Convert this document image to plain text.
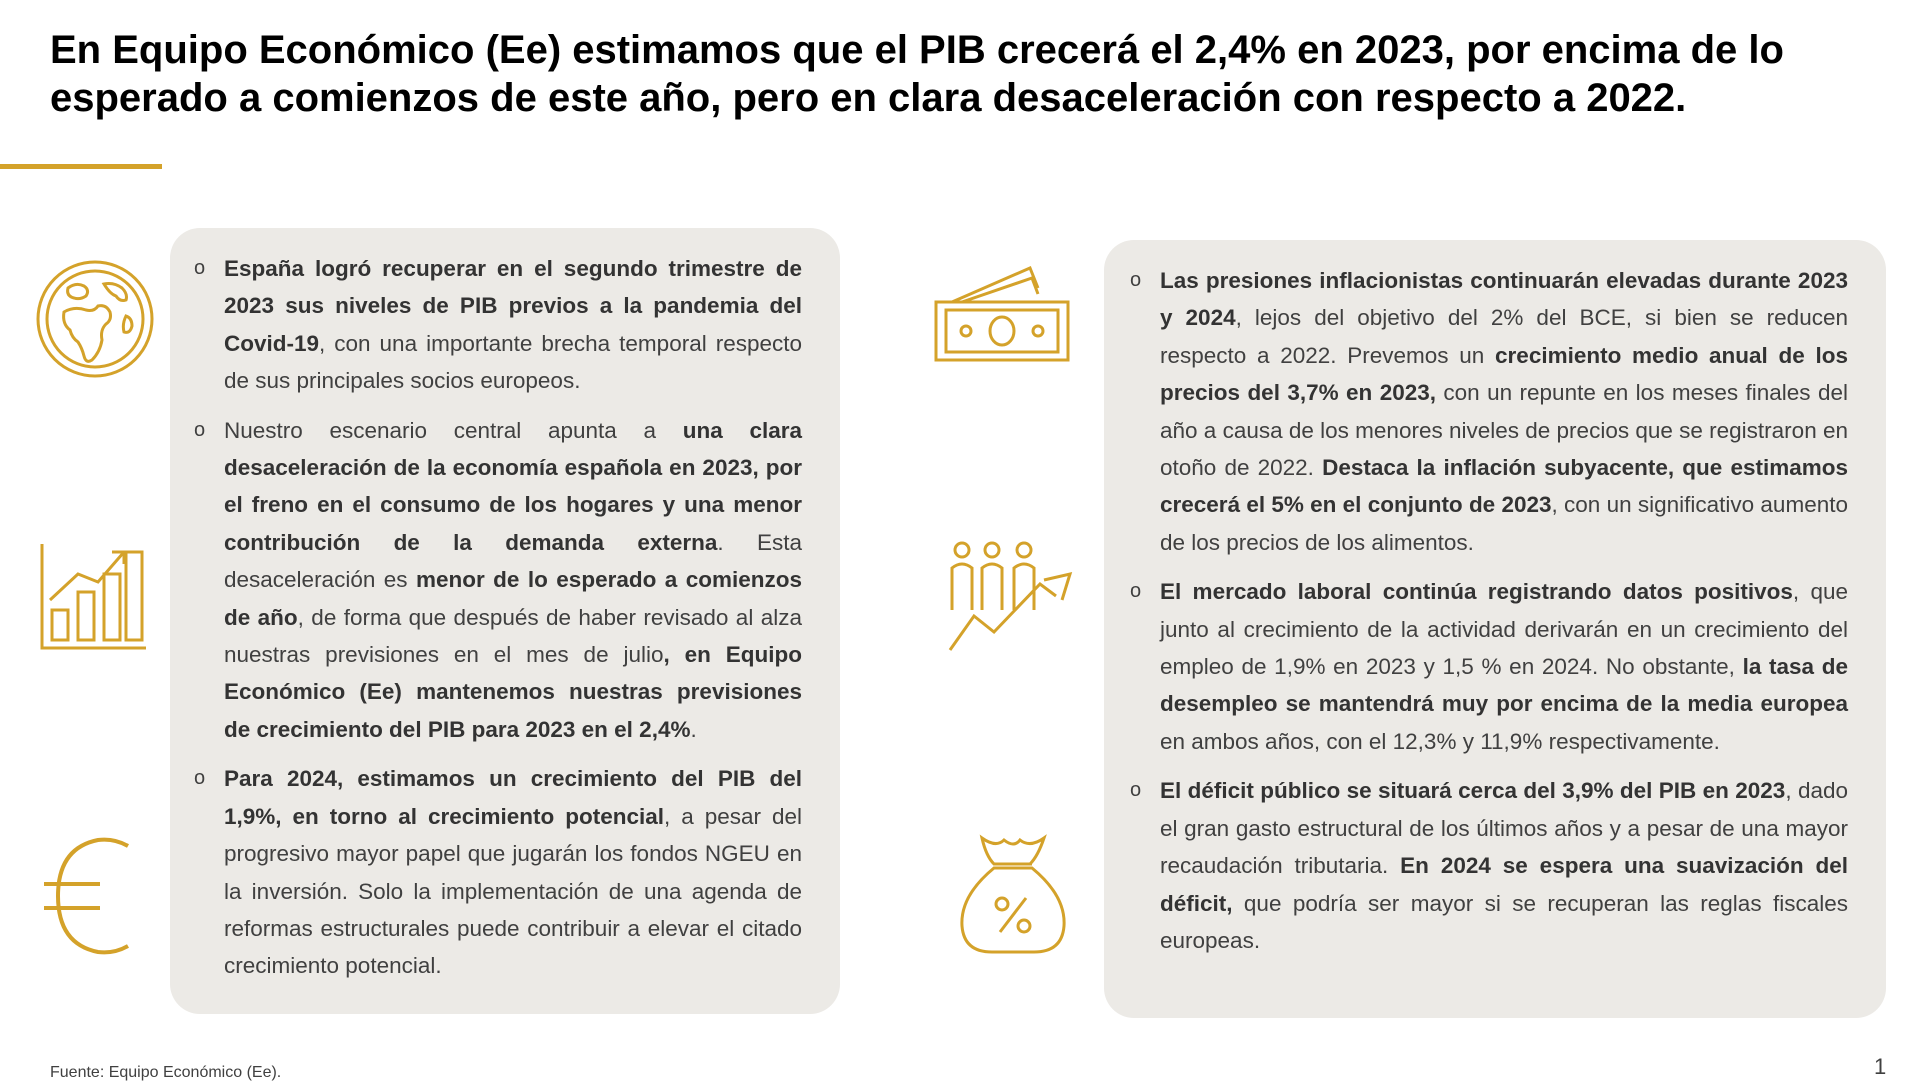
En Equipo Económico (Ee) estimamos que el PIB crecerá el 2,4% en 2023, por encima de lo esperado a comienzos de este año, pero en clara desaceleración con respecto a 2022.
o España logró recuperar en el segundo trimestre de 2023 sus niveles de PIB previos a la pandemia del Covid-19, con una importante brecha temporal respecto de sus principales socios europeos.
o Nuestro escenario central apunta a una clara desaceleración de la economía española en 2023, por el freno en el consumo de los hogares y una menor contribución de la demanda externa. Esta desaceleración es menor de lo esperado a comienzos de año, de forma que después de haber revisado al alza nuestras previsiones en el mes de julio, en Equipo Económico (Ee) mantenemos nuestras previsiones de crecimiento del PIB para 2023 en el 2,4%.
o Para 2024, estimamos un crecimiento del PIB del 1,9%, en torno al crecimiento potencial, a pesar del progresivo mayor papel que jugarán los fondos NGEU en la inversión. Solo la implementación de una agenda de reformas estructurales puede contribuir a elevar el citado crecimiento potencial.
o Las presiones inflacionistas continuarán elevadas durante 2023 y 2024, lejos del objetivo del 2% del BCE, si bien se reducen respecto a 2022. Prevemos un crecimiento medio anual de los precios del 3,7% en 2023, con un repunte en los meses finales del año a causa de los menores niveles de precios que se registraron en otoño de 2022. Destaca la inflación subyacente, que estimamos crecerá el 5% en el conjunto de 2023, con un significativo aumento de los precios de los alimentos.
o El mercado laboral continúa registrando datos positivos, que junto al crecimiento de la actividad derivarán en un crecimiento del empleo de 1,9% en 2023 y 1,5 % en 2024. No obstante, la tasa de desempleo se mantendrá muy por encima de la media europea en ambos años, con el 12,3% y 11,9% respectivamente.
o El déficit público se situará cerca del 3,9% del PIB en 2023, dado el gran gasto estructural de los últimos años y a pesar de una mayor recaudación tributaria. En 2024 se espera una suavización del déficit, que podría ser mayor si se recuperan las reglas fiscales europeas.
Fuente: Equipo Económico (Ee).	1
